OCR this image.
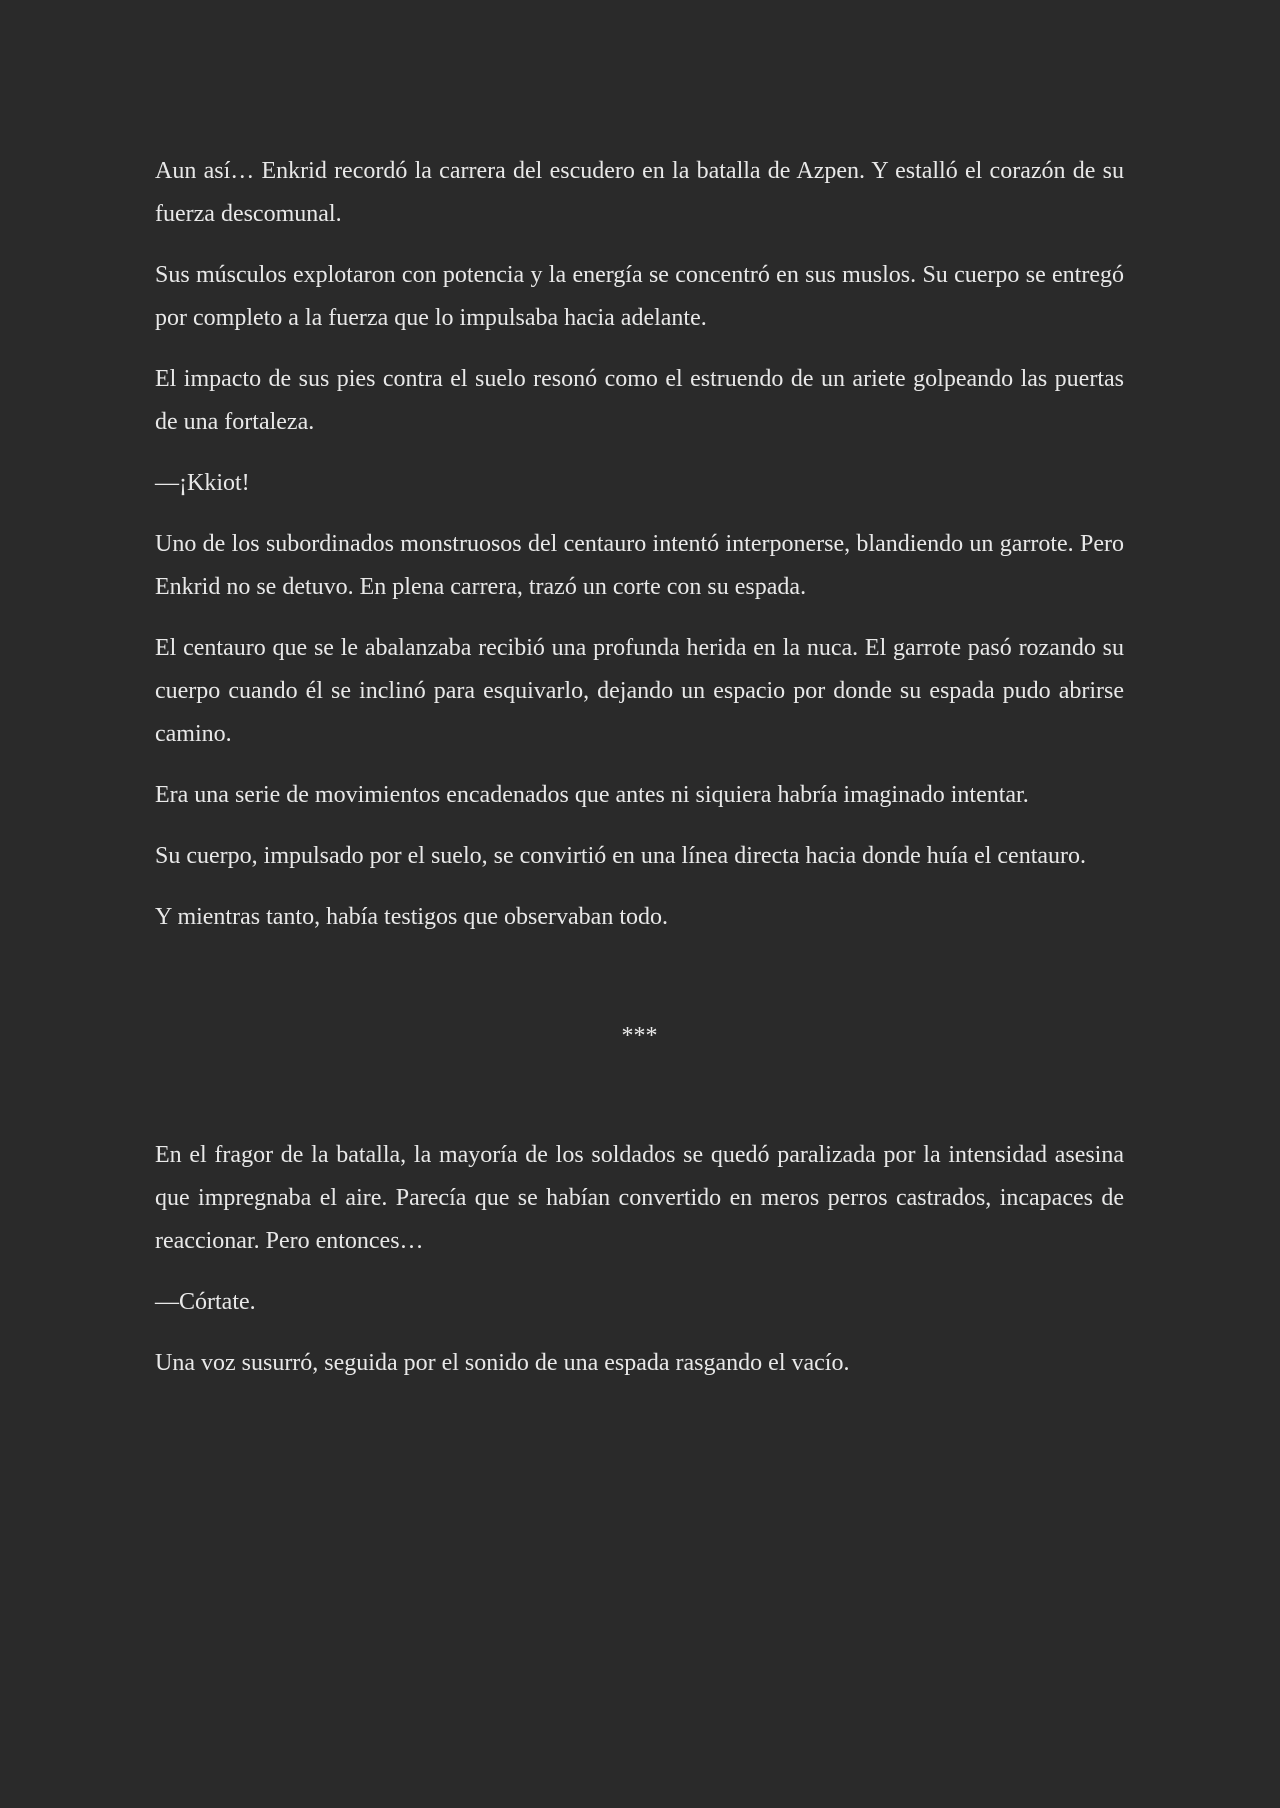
Aun así… Enkrid recordó la carrera del escudero en la batalla de Azpen. Y estalló el corazón de su fuerza descomunal.

Sus músculos explotaron con potencia y la energía se concentró en sus muslos. Su cuerpo se entregó por completo a la fuerza que lo impulsaba hacia adelante.

El impacto de sus pies contra el suelo resonó como el estruendo de un ariete golpeando las puertas de una fortaleza.

—¡Kkiot!

Uno de los subordinados monstruosos del centauro intentó interponerse, blandiendo un garrote. Pero Enkrid no se detuvo. En plena carrera, trazó un corte con su espada.

El centauro que se le abalanzaba recibió una profunda herida en la nuca. El garrote pasó rozando su cuerpo cuando él se inclinó para esquivarlo, dejando un espacio por donde su espada pudo abrirse camino.

Era una serie de movimientos encadenados que antes ni siquiera habría imaginado intentar.

Su cuerpo, impulsado por el suelo, se convirtió en una línea directa hacia donde huía el centauro.

Y mientras tanto, había testigos que observaban todo.

***

En el fragor de la batalla, la mayoría de los soldados se quedó paralizada por la intensidad asesina que impregnaba el aire. Parecía que se habían convertido en meros perros castrados, incapaces de reaccionar. Pero entonces…

—Córtate.

Una voz susurró, seguida por el sonido de una espada rasgando el vacío.
